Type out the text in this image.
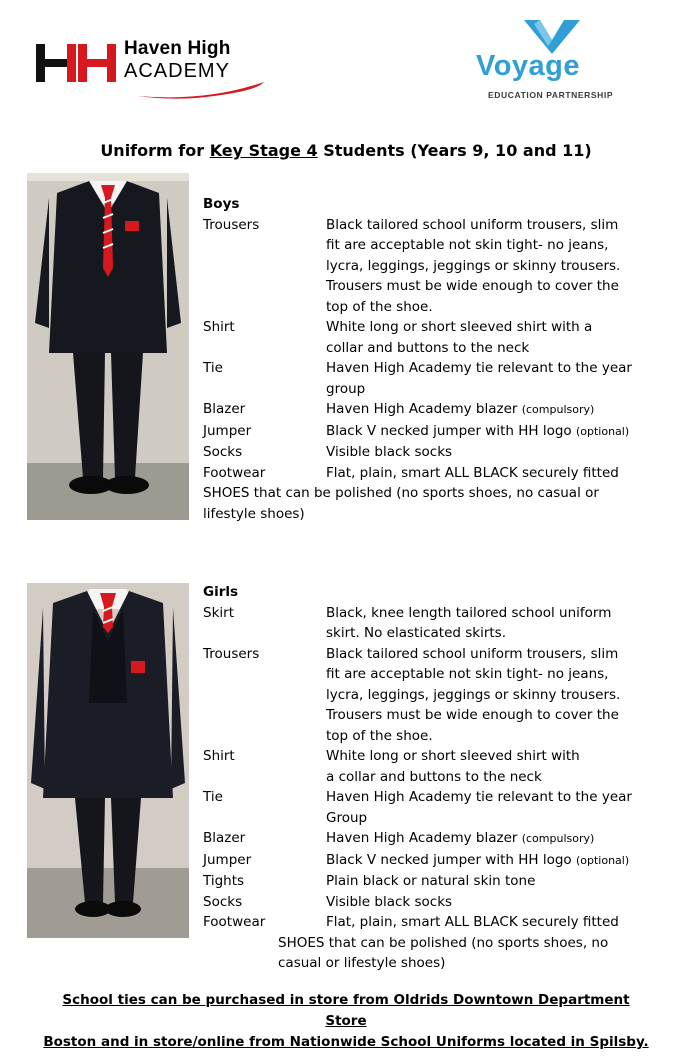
Haven High
ACADEMY	Voyage
EDUCATION PARTNERSHIP
Uniform for Key Stage 4 Students (Years 9, 10 and 11)
Boys
Trousers	Black tailored school uniform trousers, slim
fit are acceptable not skin tight- no jeans,
lycra, leggings, jeggings or skinny trousers.
Trousers must be wide enough to cover the
top of the shoe.
Shirt	White long or short sleeved shirt with a
collar and buttons to the neck
Tie	Haven High Academy tie relevant to the year
group
Blazer	Haven High Academy blazer (compulsory)
Jumper	Black V necked jumper with HH logo (optional)
Socks	Visible black socks
Footwear	Flat, plain, smart ALL BLACK securely fitted
SHOES that can be polished (no sports shoes, no casual or
lifestyle shoes)
Girls
Skirt	Black, knee length tailored school uniform
skirt. No elasticated skirts.
Trousers	Black tailored school uniform trousers, slim
fit are acceptable not skin tight- no jeans,
lycra, leggings, jeggings or skinny trousers.
Trousers must be wide enough to cover the
top of the shoe.
Shirt	White long or short sleeved shirt with
a collar and buttons to the neck
Tie	Haven High Academy tie relevant to the year
Group
Blazer	Haven High Academy blazer (compulsory)
Jumper	Black V necked jumper with HH logo (optional)
Tights	Plain black or natural skin tone
Socks	Visible black socks
Footwear	Flat, plain, smart ALL BLACK securely fitted
SHOES that can be polished (no sports shoes, no
casual or lifestyle shoes)
School ties can be purchased in store from Oldrids Downtown Department Store
Boston and in store/online from Nationwide School Uniforms located in Spilsby.
